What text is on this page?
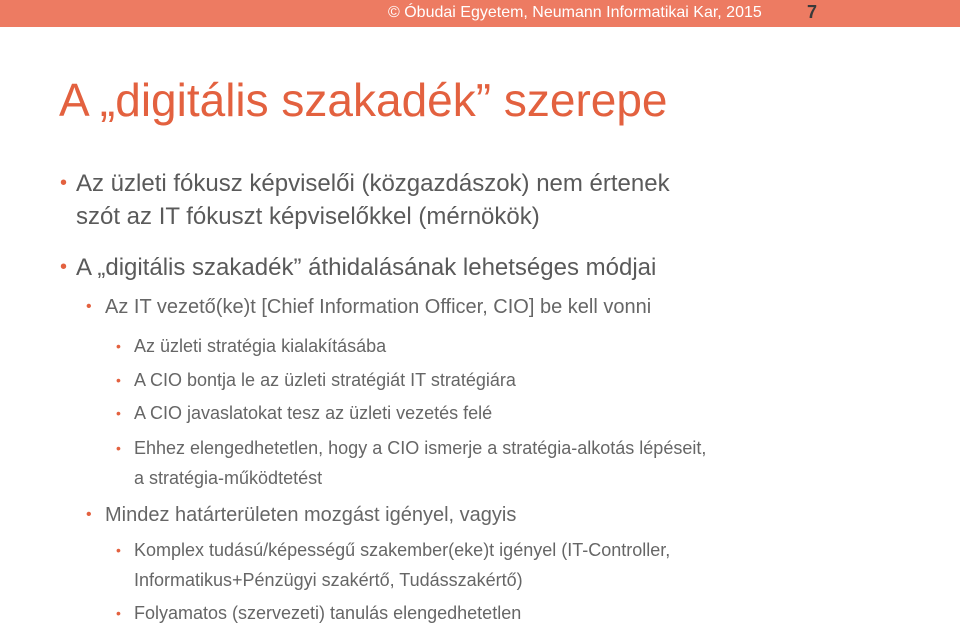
© Óbudai Egyetem, Neumann Informatikai Kar, 2015	7
A „digitális szakadék” szerepe
• Az üzleti fókusz képviselői (közgazdászok) nem értenek
szót az IT fókuszt képviselőkkel (mérnökök)
• A „digitális szakadék” áthidalásának lehetséges módjai
• Az IT vezető(ke)t [Chief Information Officer, CIO] be kell vonni
• Az üzleti stratégia kialakításába
• A CIO bontja le az üzleti stratégiát IT stratégiára
• A CIO javaslatokat tesz az üzleti vezetés felé
• Ehhez elengedhetetlen, hogy a CIO ismerje a stratégia-alkotás lépéseit,
a stratégia-működtetést
• Mindez határterületen mozgást igényel, vagyis
• Komplex tudású/képességű szakember(eke)t igényel (IT-Controller,
Informatikus+Pénzügyi szakértő, Tudásszakértő)
• Folyamatos (szervezeti) tanulás elengedhetetlen
